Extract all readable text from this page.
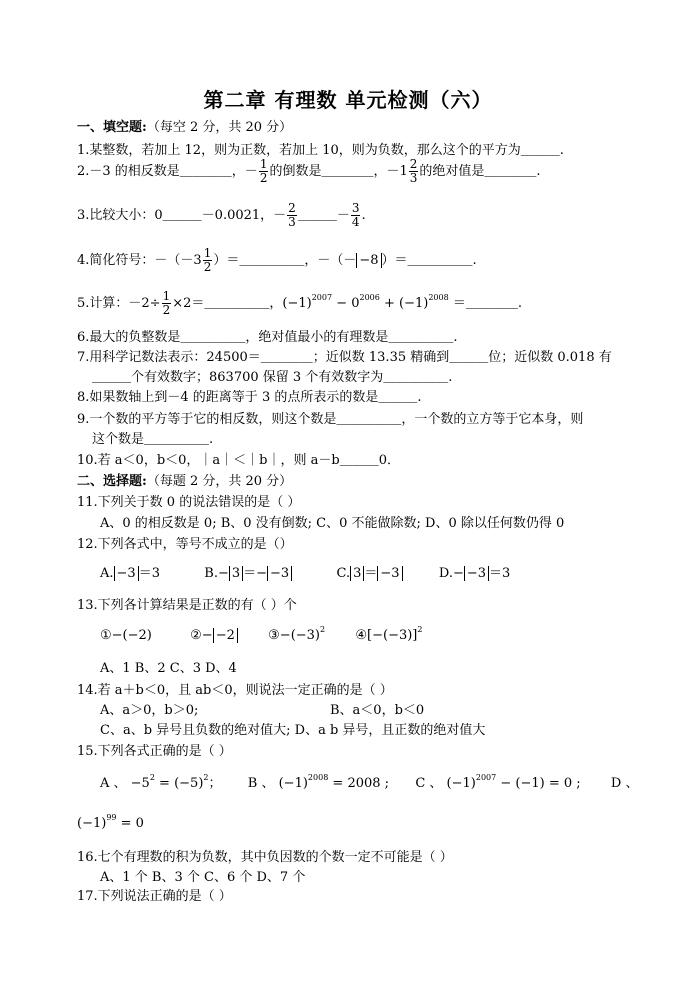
第二章 有理数 单元检测（六）
一、填空题:（每空 2 分，共 20 分）
1.某整数，若加上 12，则为正数，若加上 10，则为负数，那么这个的平方为＿＿＿.
2.－3 的相反数是＿＿＿＿，－ $\frac{1}{2}$ 的倒数是＿＿＿＿，$-1 \frac{2}{3}$ 的绝对值是＿＿＿＿.
3.比较大小：0＿＿＿－0.0021，－ $\frac{2}{3}$ ＿＿＿－ $\frac{3}{4}$ .
4.简化符号：$-(-3 \frac{1}{2}$ ）＝＿＿＿＿＿，－（－ −8 ）＝＿＿＿＿＿.
5.计算：$-2\div \frac{1}{2}$ ×2＝＿＿＿＿＿，$(-1)^{2007} - 0^{2006} + (-1)^{2008}$ ＝＿＿＿＿.
6.最大的负整数是＿＿＿＿＿，绝对值最小的有理数是＿＿＿＿＿.
7.用科学记数法表示：24500＝＿＿＿＿；近似数 13.35 精确到＿＿＿位；近似数 0.018 有
＿＿＿个有效数字；863700 保留 3 个有效数字为＿＿＿＿＿.
8.如果数轴上到－4 的距离等于 3 的点所表示的数是＿＿＿.
9.一个数的平方等于它的相反数，则这个数是＿＿＿＿＿，一个数的立方等于它本身，则
这个数是＿＿＿＿＿.
10.若 a＜0，b＜0，｜a｜＜｜b｜，则 a－b＿＿＿0．
二、选择题:（每题 2 分，共 20 分）
11.下列关于数 0 的说法错误的是（ ）
A、0 的相反数是 0; B、0 没有倒数; C、0 不能做除数; D、0 除以任何数仍得 0
12.下列各式中，等号不成立的是（）
A. −3 ＝3	B.− 3 ＝− −3	C. 3 ＝ −3	D.− −3 ＝3
13.下列各计算结果是正数的有（ ）个
①−(−2)	②− −2	$③-(-3)^2$ $④[-(-3)]^2$
A、1 B、2 C、3 D、4
14.若 a＋b＜0，且 ab＜0，则说法一定正确的是（ ）
A、a＞0，b＞0;	B、a＜0，b＜0
C、a、b 异号且负数的绝对值大; D、a b 异号，且正数的绝对值大
15.下列各式正确的是（ ）
A 、 $-5^2 = (-5)^2$； B 、 $(-1)^{2008} = 2008$ ; C 、 $(-1)^{2007} - (-1) = 0$ ; D 、
$(-1)^{99} = 0$
16.七个有理数的积为负数，其中负因数的个数一定不可能是（ ）
A、1 个 B、3 个 C、6 个 D、7 个
17.下列说法正确的是（ ）
